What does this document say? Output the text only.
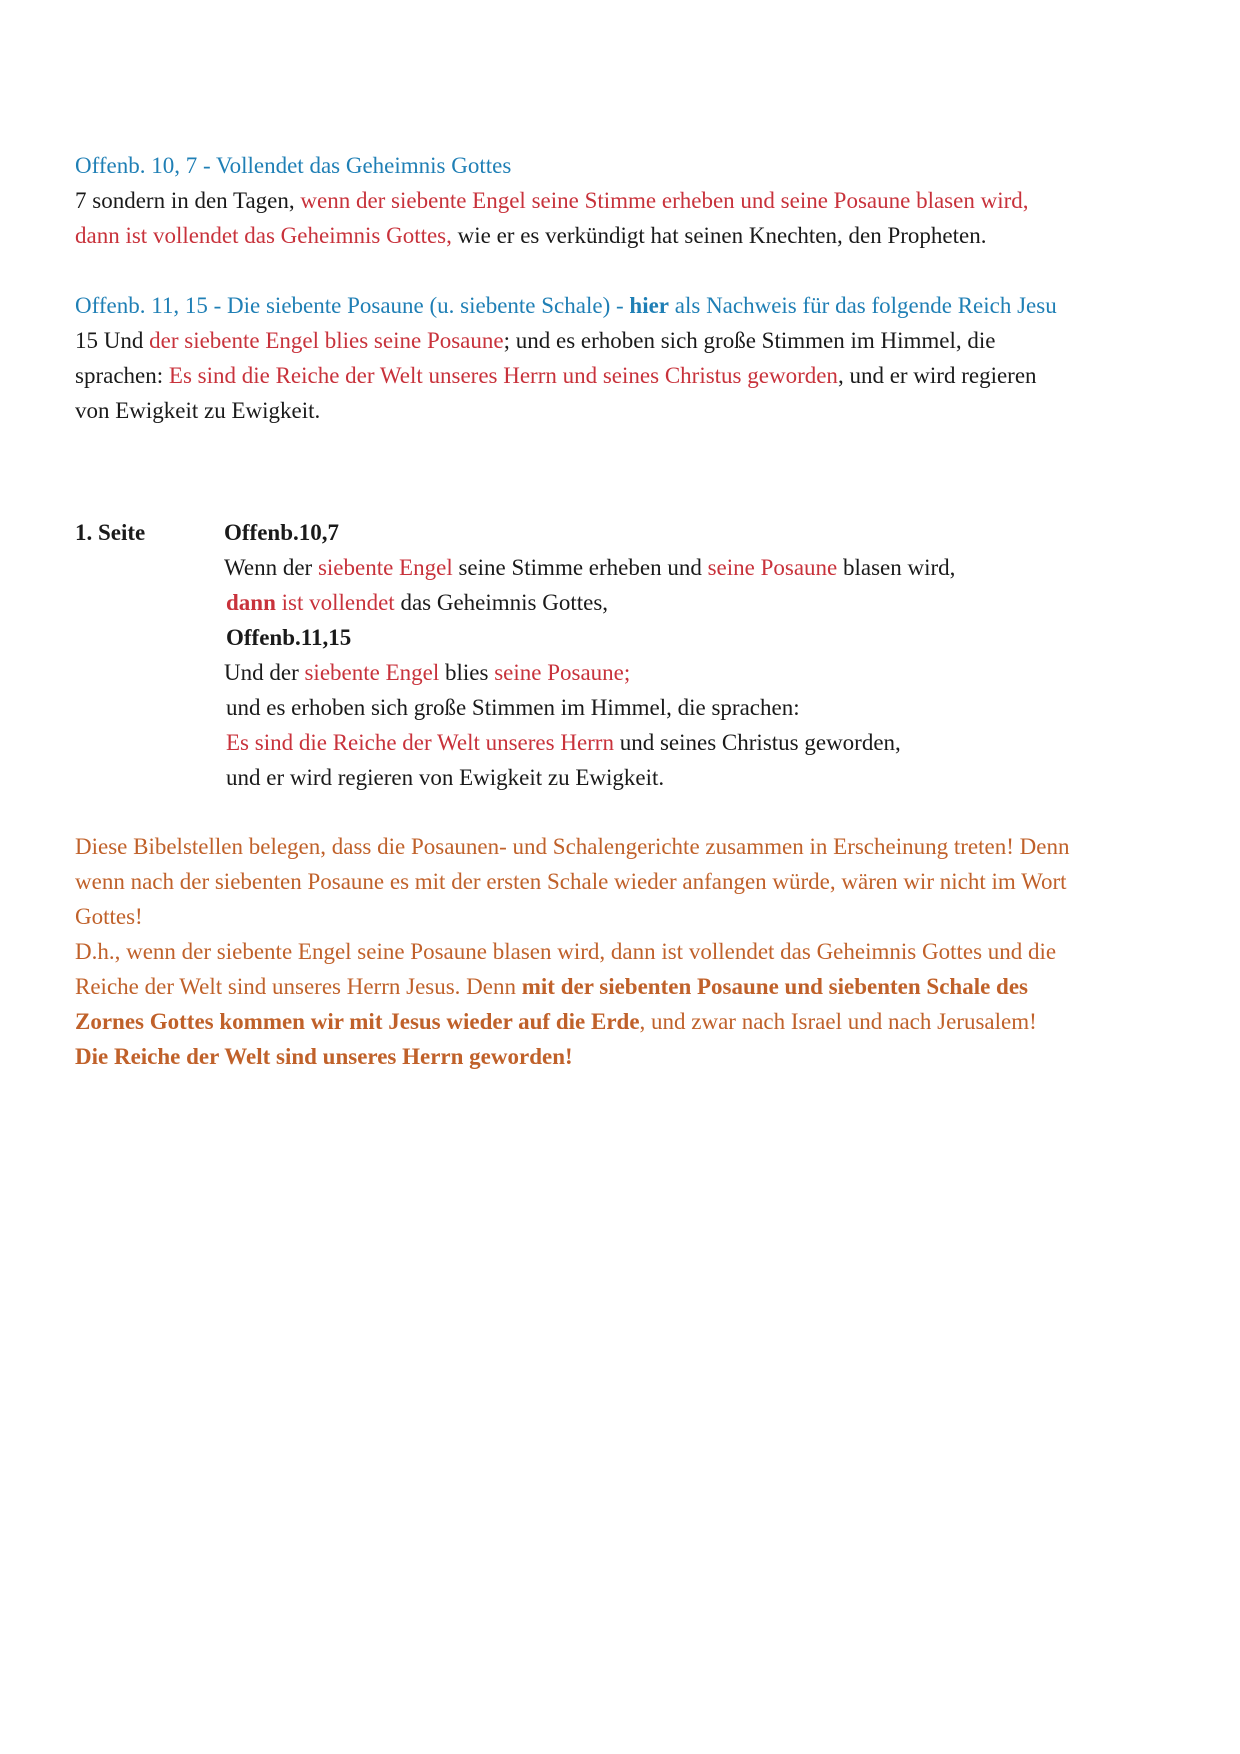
Offenb. 10, 7 - Vollendet das Geheimnis Gottes
7 sondern in den Tagen, wenn der siebente Engel seine Stimme erheben und seine Posaune blasen wird,
dann ist vollendet das Geheimnis Gottes, wie er es verkündigt hat seinen Knechten, den Propheten.
Offenb. 11, 15 - Die siebente Posaune (u. siebente Schale) - hier als Nachweis für das folgende Reich Jesu
15 Und der siebente Engel blies seine Posaune; und es erhoben sich große Stimmen im Himmel, die
sprachen: Es sind die Reiche der Welt unseres Herrn und seines Christus geworden, und er wird regieren
von Ewigkeit zu Ewigkeit.
1. Seite	Offenb.10,7
Wenn der siebente Engel seine Stimme erheben und seine Posaune blasen wird,
dann ist vollendet das Geheimnis Gottes,
Offenb.11,15
Und der siebente Engel blies seine Posaune;
und es erhoben sich große Stimmen im Himmel, die sprachen:
Es sind die Reiche der Welt unseres Herrn und seines Christus geworden,
und er wird regieren von Ewigkeit zu Ewigkeit.
Diese Bibelstellen belegen, dass die Posaunen- und Schalengerichte zusammen in Erscheinung treten! Denn
wenn nach der siebenten Posaune es mit der ersten Schale wieder anfangen würde, wären wir nicht im Wort
Gottes!
D.h., wenn der siebente Engel seine Posaune blasen wird, dann ist vollendet das Geheimnis Gottes und die
Reiche der Welt sind unseres Herrn Jesus. Denn mit der siebenten Posaune und siebenten Schale des
Zornes Gottes kommen wir mit Jesus wieder auf die Erde, und zwar nach Israel und nach Jerusalem!
Die Reiche der Welt sind unseres Herrn geworden!
